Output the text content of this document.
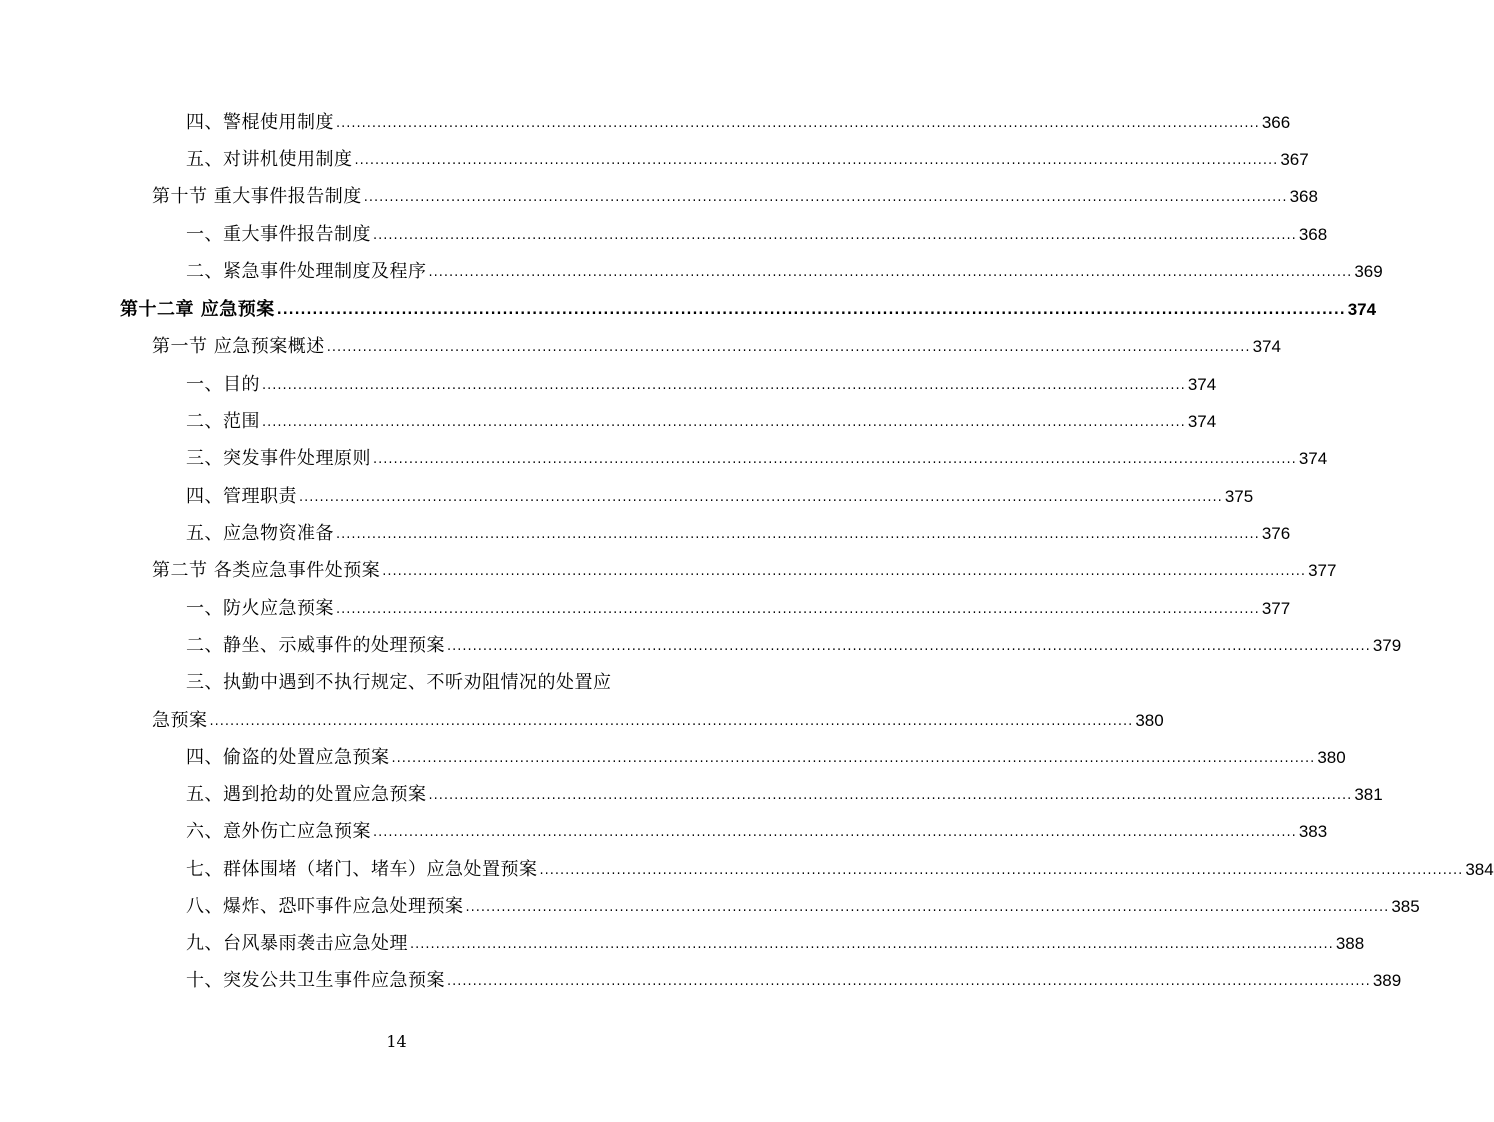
四、警棍使用制度 .................................................................................................................................................................................... 366
五、对讲机使用制度 .................................................................................................................................................................................... 367
第十节 重大事件报告制度 .................................................................................................................................................................................... 368
一、重大事件报告制度 .................................................................................................................................................................................... 368
二、紧急事件处理制度及程序 .................................................................................................................................................................................... 369
第十二章 应急预案 .................................................................................................................................................................................... 374
第一节 应急预案概述 .................................................................................................................................................................................... 374
一、目的 .................................................................................................................................................................................... 374
二、范围 .................................................................................................................................................................................... 374
三、突发事件处理原则 .................................................................................................................................................................................... 374
四、管理职责 .................................................................................................................................................................................... 375
五、应急物资准备 .................................................................................................................................................................................... 376
第二节 各类应急事件处预案 .................................................................................................................................................................................... 377
一、防火应急预案 .................................................................................................................................................................................... 377
二、静坐、示威事件的处理预案 .................................................................................................................................................................................... 379
三、执勤中遇到不执行规定、不听劝阻情况的处置应
急预案 .................................................................................................................................................................................... 380
四、偷盗的处置应急预案 .................................................................................................................................................................................... 380
五、遇到抢劫的处置应急预案 .................................................................................................................................................................................... 381
六、意外伤亡应急预案 .................................................................................................................................................................................... 383
七、群体围堵（堵门、堵车）应急处置预案 .................................................................................................................................................................................... 384
八、爆炸、恐吓事件应急处理预案 .................................................................................................................................................................................... 385
九、台风暴雨袭击应急处理 .................................................................................................................................................................................... 388
十、突发公共卫生事件应急预案 .................................................................................................................................................................................... 389
14
